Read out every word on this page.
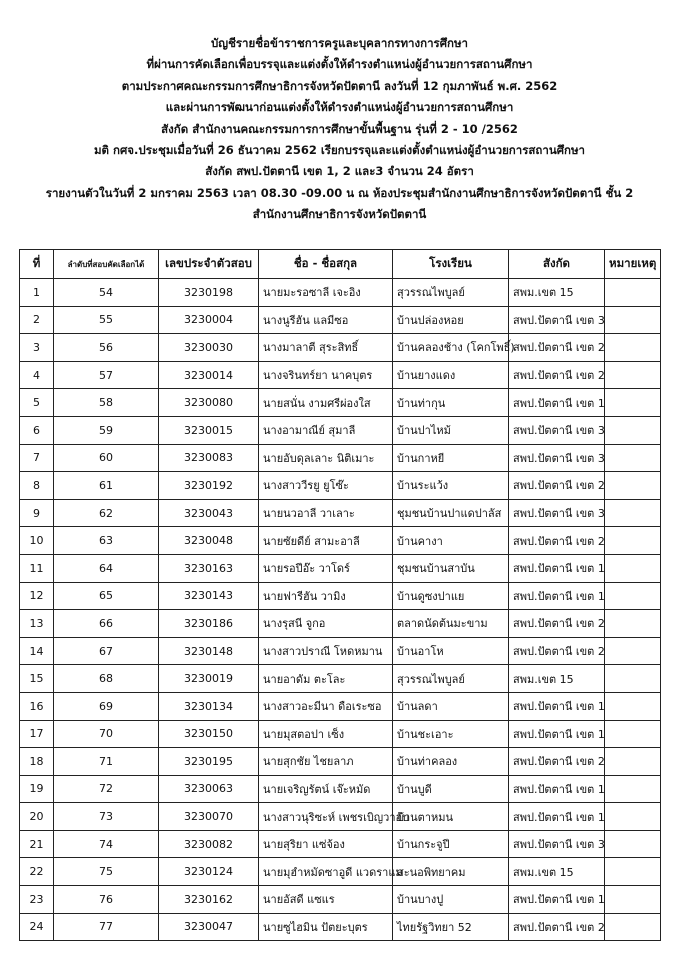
บัญชีรายชื่อข้าราชการครูและบุคลากรทางการศึกษา
ที่ผ่านการคัดเลือกเพื่อบรรจุและแต่งตั้งให้ดำรงตำแหน่งผู้อำนวยการสถานศึกษา
ตามประกาศคณะกรรมการศึกษาธิการจังหวัดปัตตานี ลงวันที่ 12 กุมภาพันธ์ พ.ศ. 2562
และผ่านการพัฒนาก่อนแต่งตั้งให้ดำรงตำแหน่งผู้อำนวยการสถานศึกษา
สังกัด สำนักงานคณะกรรมการการศึกษาขั้นพื้นฐาน รุ่นที่ 2 - 10 /2562
มติ กศจ.ประชุมเมื่อวันที่ 26 ธันวาคม 2562 เรียกบรรจุและแต่งตั้งตำแหน่งผู้อำนวยการสถานศึกษา
สังกัด สพป.ปัตตานี เขต 1, 2 และ3 จำนวน 24 อัตรา
รายงานตัวในวันที่ 2 มกราคม 2563 เวลา 08.30 -09.00 น ณ ห้องประชุมสำนักงานศึกษาธิการจังหวัดปัตตานี ชั้น 2
สำนักงานศึกษาธิการจังหวัดปัตตานี
ที่	ลำดับที่สอบคัดเลือกได้	เลขประจำตัวสอบ	ชื่อ - ชื่อสกุล	โรงเรียน	สังกัด	หมายเหตุ
1	54	3230198	นายมะรอซาลี เจะอิง	สุวรรณไพบูลย์	สพม.เขต 15	
2	55	3230004	นางนูรีฮัน แลมีซอ	บ้านปล่องหอย	สพป.ปัตตานี เขต 3	
3	56	3230030	นางมาลาตี สุระสิทธิ์	บ้านคลองช้าง (โคกโพธิ์)	สพป.ปัตตานี เขต 2	
4	57	3230014	นางจรินทร์ยา นาคบุตร	บ้านยางแดง	สพป.ปัตตานี เขต 2	
5	58	3230080	นายสนั่น งามศรีผ่องใส	บ้านท่ากุน	สพป.ปัตตานี เขต 1	
6	59	3230015	นางอามาณีย์ สุมาลี	บ้านปาไหม้	สพป.ปัตตานี เขต 3	
7	60	3230083	นายอับดุลเลาะ นิติเมาะ	บ้านกาหยี	สพป.ปัตตานี เขต 3	
8	61	3230192	นางสาววีรยู ยูโซ๊ะ	บ้านระแว้ง	สพป.ปัตตานี เขต 2	
9	62	3230043	นายนวอาลี วาเลาะ	ชุมชนบ้านปาแดปาลัส	สพป.ปัตตานี เขต 3	
10	63	3230048	นายซัยดีย์ สามะอาลี	บ้านคางา	สพป.ปัตตานี เขต 2	
11	64	3230163	นายรอปีอ๊ะ วาโดร์	ชุมชนบ้านสาบัน	สพป.ปัตตานี เขต 1	
12	65	3230143	นายฟารีฮัน วามิง	บ้านดูซงปาแย	สพป.ปัตตานี เขต 1	
13	66	3230186	นางรุสนี จูกอ	ตลาดนัดต้นมะขาม	สพป.ปัตตานี เขต 2	
14	67	3230148	นางสาวปราณี โหดหมาน	บ้านอาโห	สพป.ปัตตานี เขต 2	
15	68	3230019	นายอาดัม ตะโละ	สุวรรณไพบูลย์	สพม.เขต 15	
16	69	3230134	นางสาวอะมีนา ดือเระซอ	บ้านลดา	สพป.ปัตตานี เขต 1	
17	70	3230150	นายมุสตอปา เซ็ง	บ้านชะเอาะ	สพป.ปัตตานี เขต 1	
18	71	3230195	นายสุกชัย ไชยลาภ	บ้านท่าคลอง	สพป.ปัตตานี เขต 2	
19	72	3230063	นายเจริญรัตน์ เจ๊ะหมัด	บ้านบูดี	สพป.ปัตตานี เขต 1	
20	73	3230070	นางสาวนุริซะห์ เพชรเบิญวาอับ	บ้านตาหมน	สพป.ปัตตานี เขต 1	
21	74	3230082	นายสุริยา แซ่จ้อง	บ้านกระจูปี	สพป.ปัตตานี เขต 3	
22	75	3230124	นายมุฮำหมัดซาอูดี แวดราแม	สะนอพิทยาคม	สพม.เขต 15	
23	76	3230162	นายอัสดี แซแร	บ้านบางปู	สพป.ปัตตานี เขต 1	
24	77	3230047	นายซูไฮมิน ปัตยะบุตร	ไทยรัฐวิทยา 52	สพป.ปัตตานี เขต 2	
